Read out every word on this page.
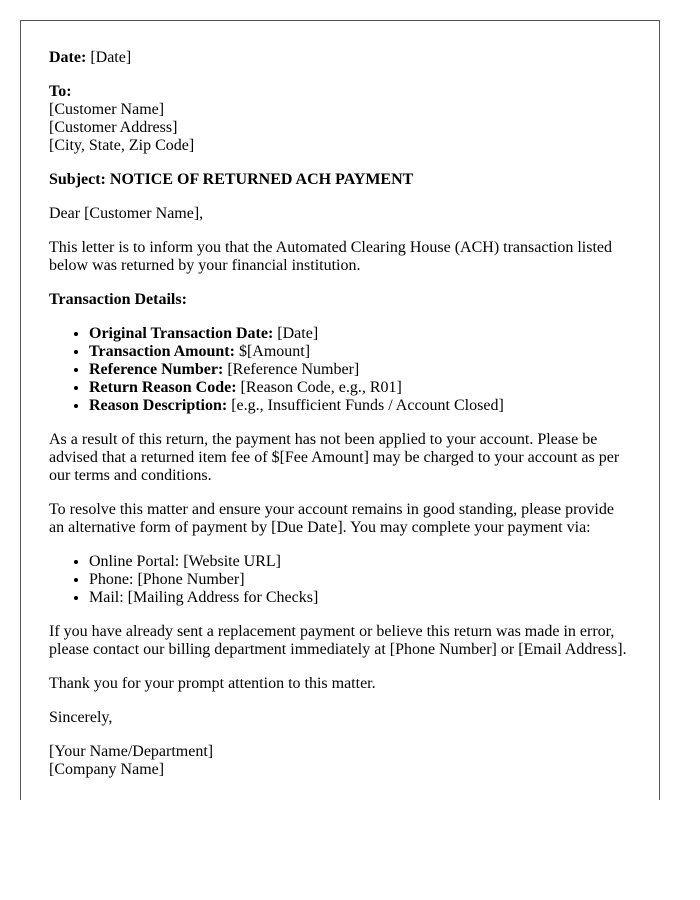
Date: [Date]
To:
[Customer Name]
[Customer Address]
[City, State, Zip Code]
Subject: NOTICE OF RETURNED ACH PAYMENT

Dear [Customer Name],

This letter is to inform you that the Automated Clearing House (ACH) transaction listed below was returned by your financial institution.

Transaction Details:

• Original Transaction Date: [Date]
• Transaction Amount: $[Amount]
• Reference Number: [Reference Number]
• Return Reason Code: [Reason Code, e.g., R01]
• Reason Description: [e.g., Insufficient Funds / Account Closed]

As a result of this return, the payment has not been applied to your account. Please be advised that a returned item fee of $[Fee Amount] may be charged to your account as per our terms and conditions.

To resolve this matter and ensure your account remains in good standing, please provide an alternative form of payment by [Due Date]. You may complete your payment via:

• Online Portal: [Website URL]
• Phone: [Phone Number]
• Mail: [Mailing Address for Checks]

If you have already sent a replacement payment or believe this return was made in error, please contact our billing department immediately at [Phone Number] or [Email Address].

Thank you for your prompt attention to this matter.

Sincerely,

[Your Name/Department]
[Company Name]
